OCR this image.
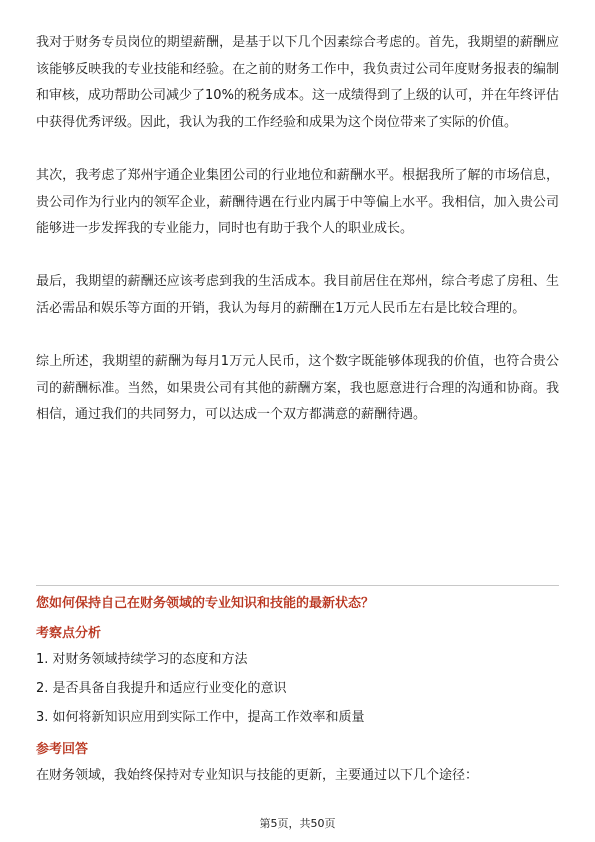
我对于财务专员岗位的期望薪酬，是基于以下几个因素综合考虑的。首先，我期望的薪酬应该能够反映我的专业技能和经验。在之前的财务工作中，我负责过公司年度财务报表的编制和审核，成功帮助公司减少了10%的税务成本。这一成绩得到了上级的认可，并在年终评估中获得优秀评级。因此，我认为我的工作经验和成果为这个岗位带来了实际的价值。

其次，我考虑了郑州宇通企业集团公司的行业地位和薪酬水平。根据我所了解的市场信息，贵公司作为行业内的领军企业，薪酬待遇在行业内属于中等偏上水平。我相信，加入贵公司能够进一步发挥我的专业能力，同时也有助于我个人的职业成长。

最后，我期望的薪酬还应该考虑到我的生活成本。我目前居住在郑州，综合考虑了房租、生活必需品和娱乐等方面的开销，我认为每月的薪酬在1万元人民币左右是比较合理的。

综上所述，我期望的薪酬为每月1万元人民币，这个数字既能够体现我的价值，也符合贵公司的薪酬标准。当然，如果贵公司有其他的薪酬方案，我也愿意进行合理的沟通和协商。我相信，通过我们的共同努力，可以达成一个双方都满意的薪酬待遇。

您如何保持自己在财务领域的专业知识和技能的最新状态？

考察点分析

1. 对财务领域持续学习的态度和方法

2. 是否具备自我提升和适应行业变化的意识

3. 如何将新知识应用到实际工作中，提高工作效率和质量

参考回答

在财务领域，我始终保持对专业知识与技能的更新，主要通过以下几个途径：

第5页，共50页
